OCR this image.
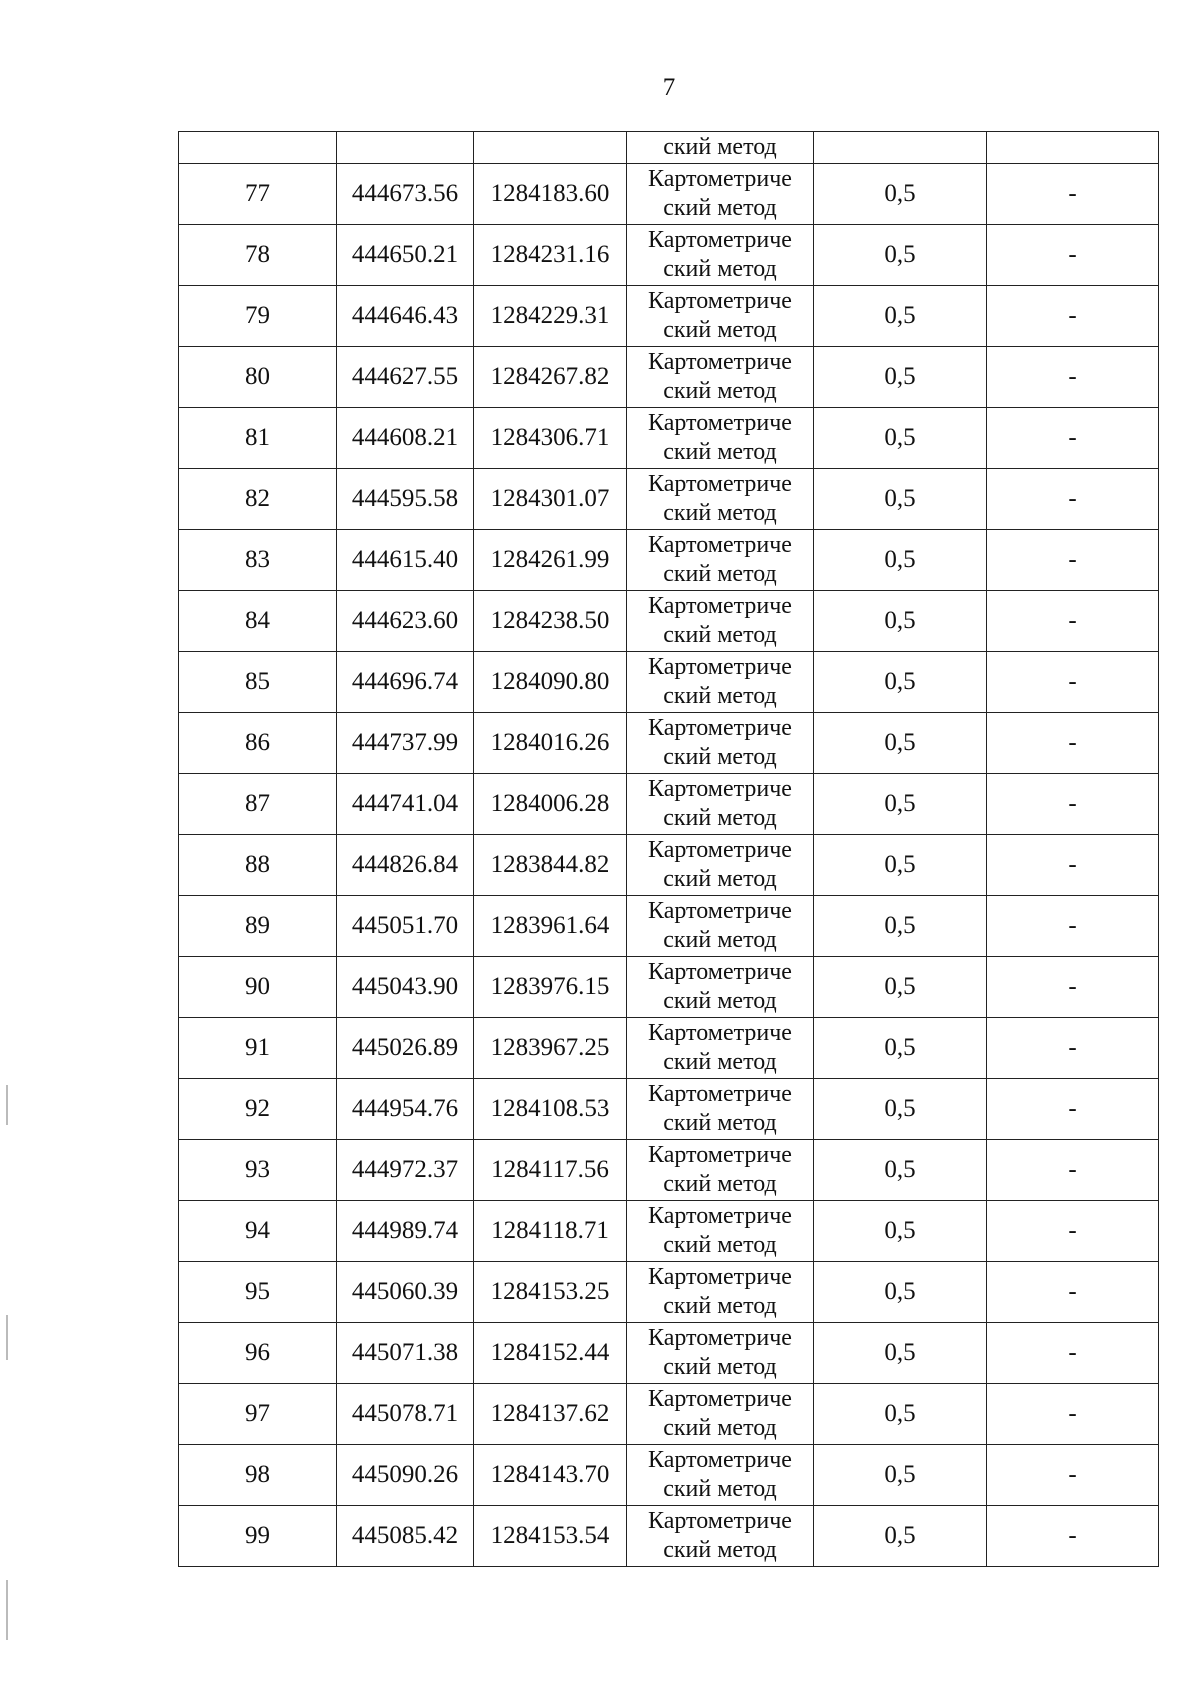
7
			ский метод		
77	444673.56	1284183.60	Картометриче
ский метод	0,5	-
78	444650.21	1284231.16	Картометриче
ский метод	0,5	-
79	444646.43	1284229.31	Картометриче
ский метод	0,5	-
80	444627.55	1284267.82	Картометриче
ский метод	0,5	-
81	444608.21	1284306.71	Картометриче
ский метод	0,5	-
82	444595.58	1284301.07	Картометриче
ский метод	0,5	-
83	444615.40	1284261.99	Картометриче
ский метод	0,5	-
84	444623.60	1284238.50	Картометриче
ский метод	0,5	-
85	444696.74	1284090.80	Картометриче
ский метод	0,5	-
86	444737.99	1284016.26	Картометриче
ский метод	0,5	-
87	444741.04	1284006.28	Картометриче
ский метод	0,5	-
88	444826.84	1283844.82	Картометриче
ский метод	0,5	-
89	445051.70	1283961.64	Картометриче
ский метод	0,5	-
90	445043.90	1283976.15	Картометриче
ский метод	0,5	-
91	445026.89	1283967.25	Картометриче
ский метод	0,5	-
92	444954.76	1284108.53	Картометриче
ский метод	0,5	-
93	444972.37	1284117.56	Картометриче
ский метод	0,5	-
94	444989.74	1284118.71	Картометриче
ский метод	0,5	-
95	445060.39	1284153.25	Картометриче
ский метод	0,5	-
96	445071.38	1284152.44	Картометриче
ский метод	0,5	-
97	445078.71	1284137.62	Картометриче
ский метод	0,5	-
98	445090.26	1284143.70	Картометриче
ский метод	0,5	-
99	445085.42	1284153.54	Картометриче
ский метод	0,5	-
